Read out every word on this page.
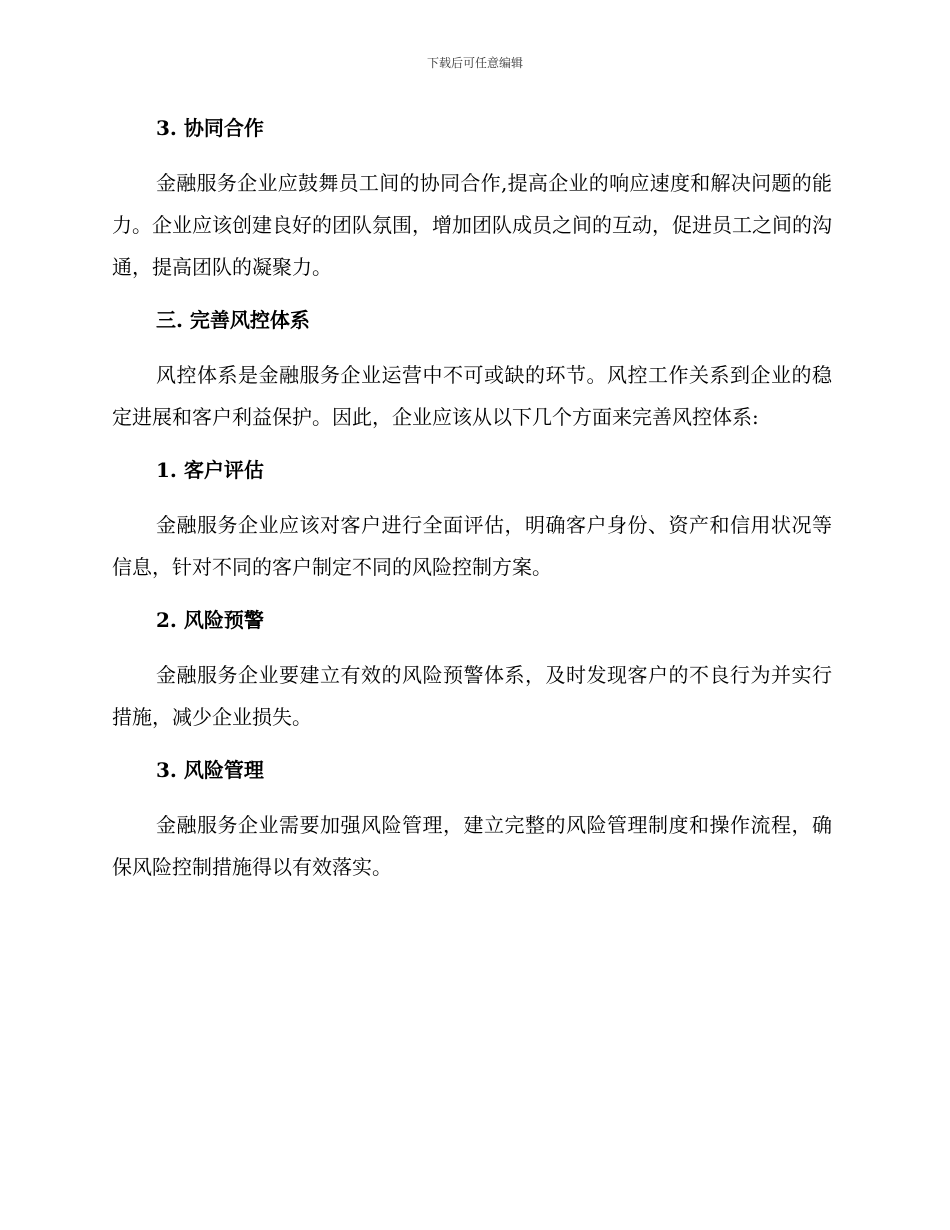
下载后可任意编辑
3. 协同合作

金融服务企业应鼓舞员工间的协同合作,提高企业的响应速度和解决问题的能力。企业应该创建良好的团队氛围，增加团队成员之间的互动，促进员工之间的沟通，提高团队的凝聚力。

三. 完善风控体系

风控体系是金融服务企业运营中不可或缺的环节。风控工作关系到企业的稳定进展和客户利益保护。因此，企业应该从以下几个方面来完善风控体系:

1. 客户评估

金融服务企业应该对客户进行全面评估，明确客户身份、资产和信用状况等信息，针对不同的客户制定不同的风险控制方案。

2. 风险预警

金融服务企业要建立有效的风险预警体系，及时发现客户的不良行为并实行措施，减少企业损失。

3. 风险管理

金融服务企业需要加强风险管理，建立完整的风险管理制度和操作流程，确保风险控制措施得以有效落实。
